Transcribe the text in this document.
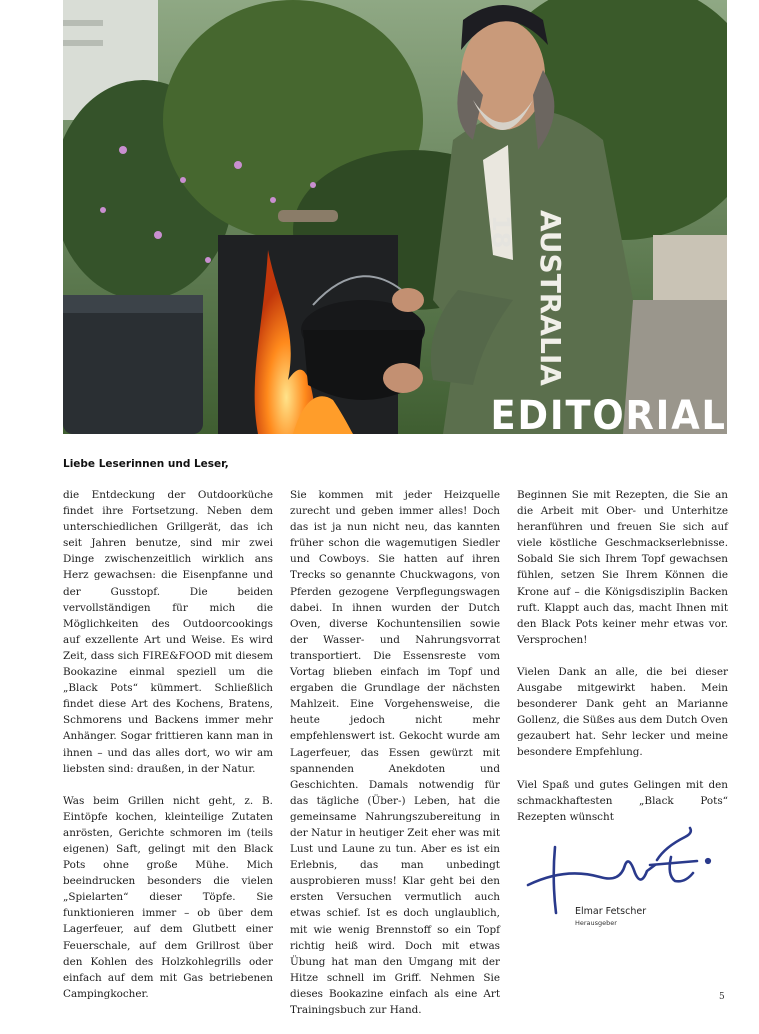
AUSTRALIA
18
EDITORIAL

Liebe Leserinnen und Leser,

die Entdeckung der Outdoorküche findet ihre Fortsetzung. Neben dem unterschiedlichen Grillgerät, das ich seit Jahren benutze, sind mir zwei Dinge zwischenzeitlich wirklich ans Herz gewachsen: die Eisenpfanne und der Gusstopf. Die beiden vervollständigen für mich die Möglichkeiten des Outdoorcookings auf exzellente Art und Weise. Es wird Zeit, dass sich FIRE&FOOD mit diesem Bookazine einmal speziell um die „Black Pots“ kümmert. Schließlich findet diese Art des Kochens, Bratens, Schmorens und Backens immer mehr Anhänger. Sogar frittieren kann man in ihnen – und das alles dort, wo wir am liebsten sind: draußen, in der Natur.

Was beim Grillen nicht geht, z. B. Eintöpfe kochen, kleinteilige Zutaten anrösten, Gerichte schmoren im (teils eigenen) Saft, gelingt mit den Black Pots ohne große Mühe. Mich beeindrucken besonders die vielen „Spielarten“ dieser Töpfe. Sie funktionieren immer – ob über dem Lagerfeuer, auf dem Glutbett einer Feuerschale, auf dem Grillrost über den Kohlen des Holzkohlegrills oder einfach auf dem mit Gas betriebenen Campingkocher.

Sie kommen mit jeder Heizquelle zurecht und geben immer alles! Doch das ist ja nun nicht neu, das kannten früher schon die wagemutigen Siedler und Cowboys. Sie hatten auf ihren Trecks so genannte Chuckwagons, von Pferden gezogene Verpflegungswagen dabei. In ihnen wurden der Dutch Oven, diverse Kochuntensilien sowie der Wasser- und Nahrungsvorrat transportiert. Die Essensreste vom Vortag blieben einfach im Topf und ergaben die Grundlage der nächsten Mahlzeit. Eine Vorgehensweise, die heute jedoch nicht mehr empfehlenswert ist. Gekocht wurde am Lagerfeuer, das Essen gewürzt mit spannenden Anekdoten und Geschichten. Damals notwendig für das tägliche (Über-) Leben, hat die gemeinsame Nahrungszubereitung in der Natur in heutiger Zeit eher was mit Lust und Laune zu tun. Aber es ist ein Erlebnis, das man unbedingt ausprobieren muss! Klar geht bei den ersten Versuchen vermutlich auch etwas schief. Ist es doch unglaublich, mit wie wenig Brennstoff so ein Topf richtig heiß wird. Doch mit etwas Übung hat man den Umgang mit der Hitze schnell im Griff. Nehmen Sie dieses Bookazine einfach als eine Art Trainingsbuch zur Hand.

Beginnen Sie mit Rezepten, die Sie an die Arbeit mit Ober- und Unterhitze heranführen und freuen Sie sich auf viele köstliche Geschmackserlebnisse. Sobald Sie sich Ihrem Topf gewachsen fühlen, setzen Sie Ihrem Können die Krone auf – die Königsdisziplin Backen ruft. Klappt auch das, macht Ihnen mit den Black Pots keiner mehr etwas vor. Versprochen!

Vielen Dank an alle, die bei dieser Ausgabe mitgewirkt haben. Mein besonderer Dank geht an Marianne Gollenz, die Süßes aus dem Dutch Oven gezaubert hat. Sehr lecker und meine besondere Empfehlung.

Viel Spaß und gutes Gelingen mit den schmackhaftesten „Black Pots“ Rezepten wünscht

Elmar Fetscher
Herausgeber
5
